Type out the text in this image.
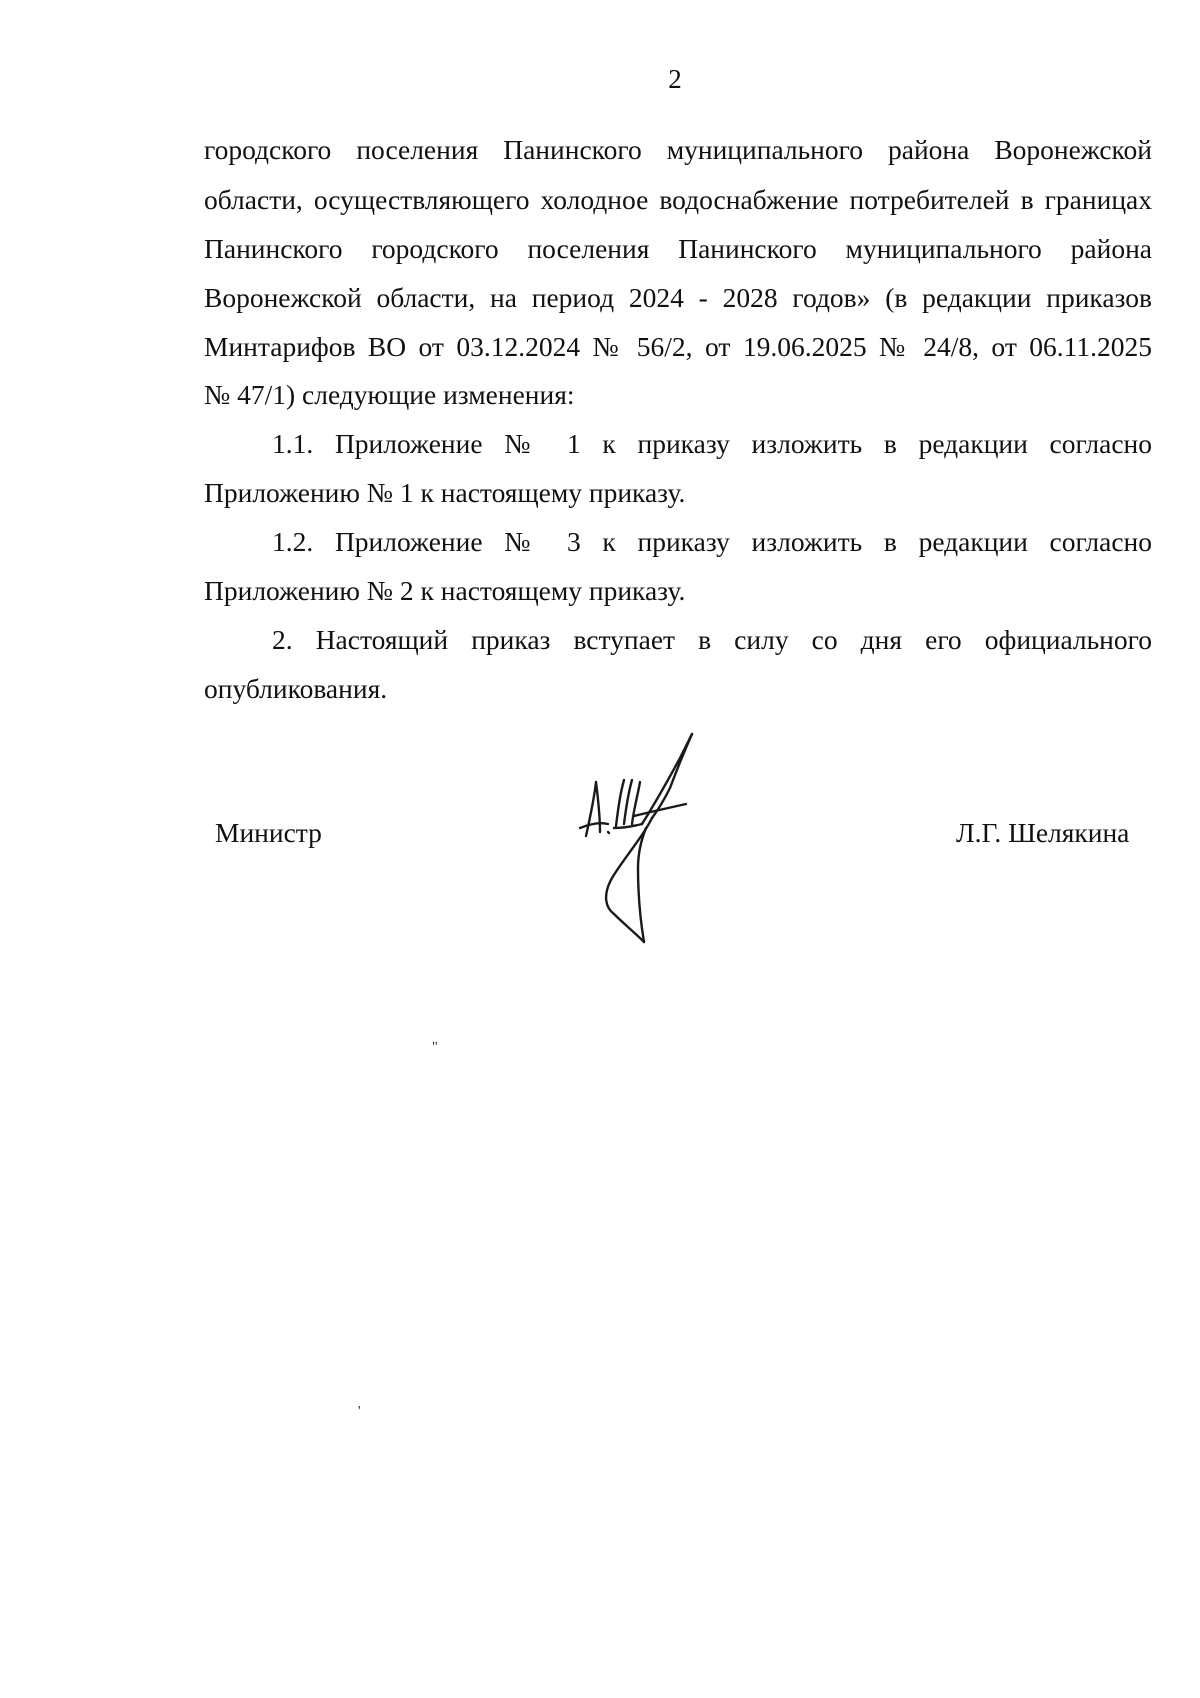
2
городского поселения Панинского муниципального района Воронежской
области, осуществляющего холодное водоснабжение потребителей в границах
Панинского городского поселения Панинского муниципального района
Воронежской области, на период 2024 - 2028 годов» (в редакции приказов
Минтарифов ВО от 03.12.2024 № 56/2, от 19.06.2025 № 24/8, от 06.11.2025
№ 47/1) следующие изменения:
1.1. Приложение № 1 к приказу изложить в редакции согласно
Приложению № 1 к настоящему приказу.
1.2. Приложение № 3 к приказу изложить в редакции согласно
Приложению № 2 к настоящему приказу.
2. Настоящий приказ вступает в силу со дня его официального
опубликования.
Министр	Л.Г. Шелякина
"
'
